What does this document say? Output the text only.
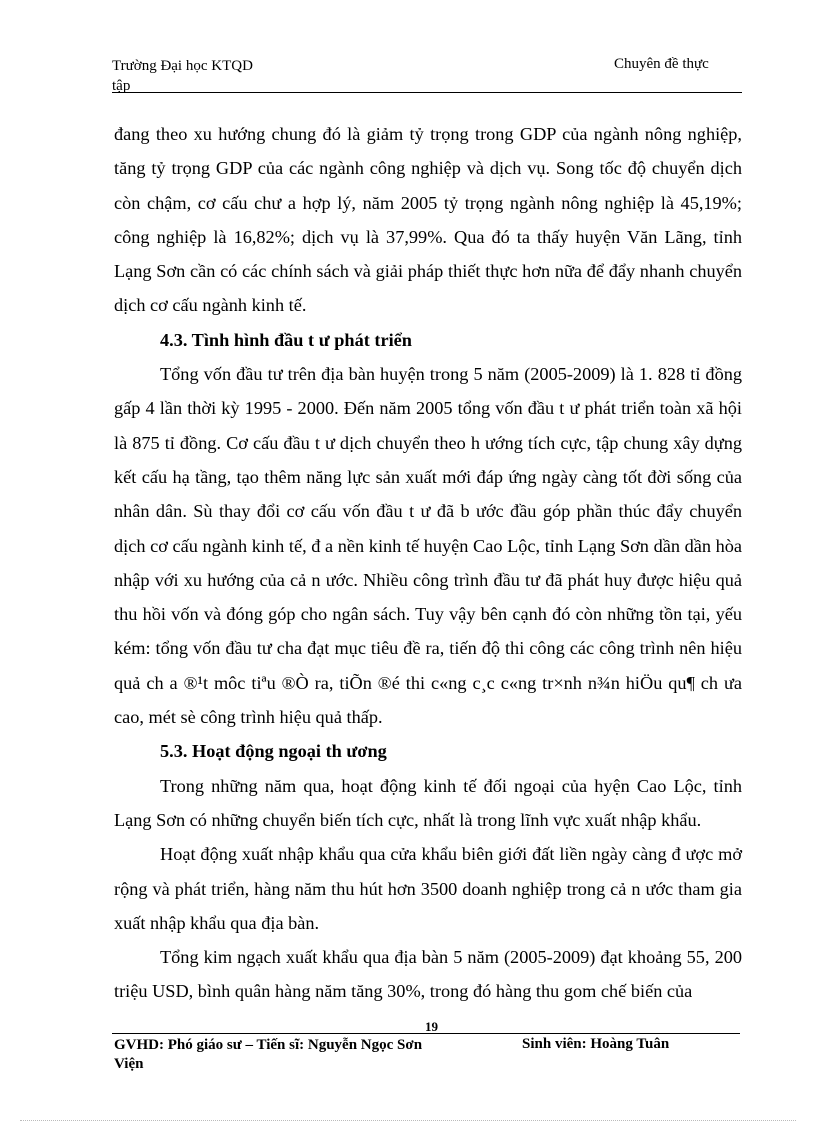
Trường Đại học KTQD
tập
Chuyên đề thực

đang theo xu hướng chung đó là giảm tỷ trọng trong GDP của ngành nông nghiệp, tăng tỷ trọng GDP của các ngành công nghiệp và dịch vụ. Song tốc độ chuyển dịch còn chậm, cơ cấu chư a hợp lý, năm 2005 tỷ trọng ngành nông nghiệp là 45,19%; công nghiệp là 16,82%; dịch vụ là 37,99%. Qua đó ta thấy huyện Văn Lãng, tỉnh Lạng Sơn cần có các chính sách và giải pháp thiết thực hơn nữa để đẩy nhanh chuyển dịch cơ cấu ngành kinh tế.

4.3. Tình hình đầu t ư phát triển

Tổng vốn đầu tư trên địa bàn huyện trong 5 năm (2005-2009) là 1. 828 tỉ đồng gấp 4 lần thời kỳ 1995 - 2000. Đến năm 2005 tổng vốn đầu t ư phát triển toàn xã hội là 875 tỉ đồng. Cơ cấu đầu t ư dịch chuyển theo h ướng tích cực, tập chung xây dựng kết cấu hạ tầng, tạo thêm năng lực sản xuất mới đáp ứng ngày càng tốt đời sống của nhân dân. Sù thay đổi cơ cấu vốn đầu t ư đã b ước đầu góp phần thúc đẩy chuyển dịch cơ cấu ngành kinh tế, đ a nền kinh tế huyện Cao Lộc, tỉnh Lạng Sơn dần dần hòa nhập với xu hướng của cả n ước. Nhiều công trình đầu tư đã phát huy được hiệu quả thu hồi vốn và đóng góp cho ngân sách. Tuy vậy bên cạnh đó còn những tồn tại, yếu kém: tổng vốn đầu tư cha đạt mục tiêu đề ra, tiến độ thi công các công trình nên hiệu quả ch a ®¹t môc tiªu ®Ò ra, tiÕn ®é thi c«ng c¸c c«ng tr×nh n¾n hiÖu qu¶ ch ưa cao, mét sè công trình hiệu quả thấp.

5.3. Hoạt động ngoại th ương

Trong những năm qua, hoạt động kinh tế đối ngoại của hyện Cao Lộc, tỉnh Lạng Sơn có những chuyển biến tích cực, nhất là trong lĩnh vực xuất nhập khẩu.

Hoạt động xuất nhập khẩu qua cửa khẩu biên giới đất liền ngày càng đ ược mở rộng và phát triển, hàng năm thu hút hơn 3500 doanh nghiệp trong cả n ước tham gia xuất nhập khẩu qua địa bàn.

Tổng kim ngạch xuất khẩu qua địa bàn 5 năm (2005-2009) đạt khoảng 55, 200 triệu USD, bình quân hàng năm tăng 30%, trong đó hàng thu gom chế biến của

19
GVHD: Phó giáo sư – Tiến sĩ: Nguyễn Ngọc Sơn
Viện
Sinh viên: Hoàng Tuân
